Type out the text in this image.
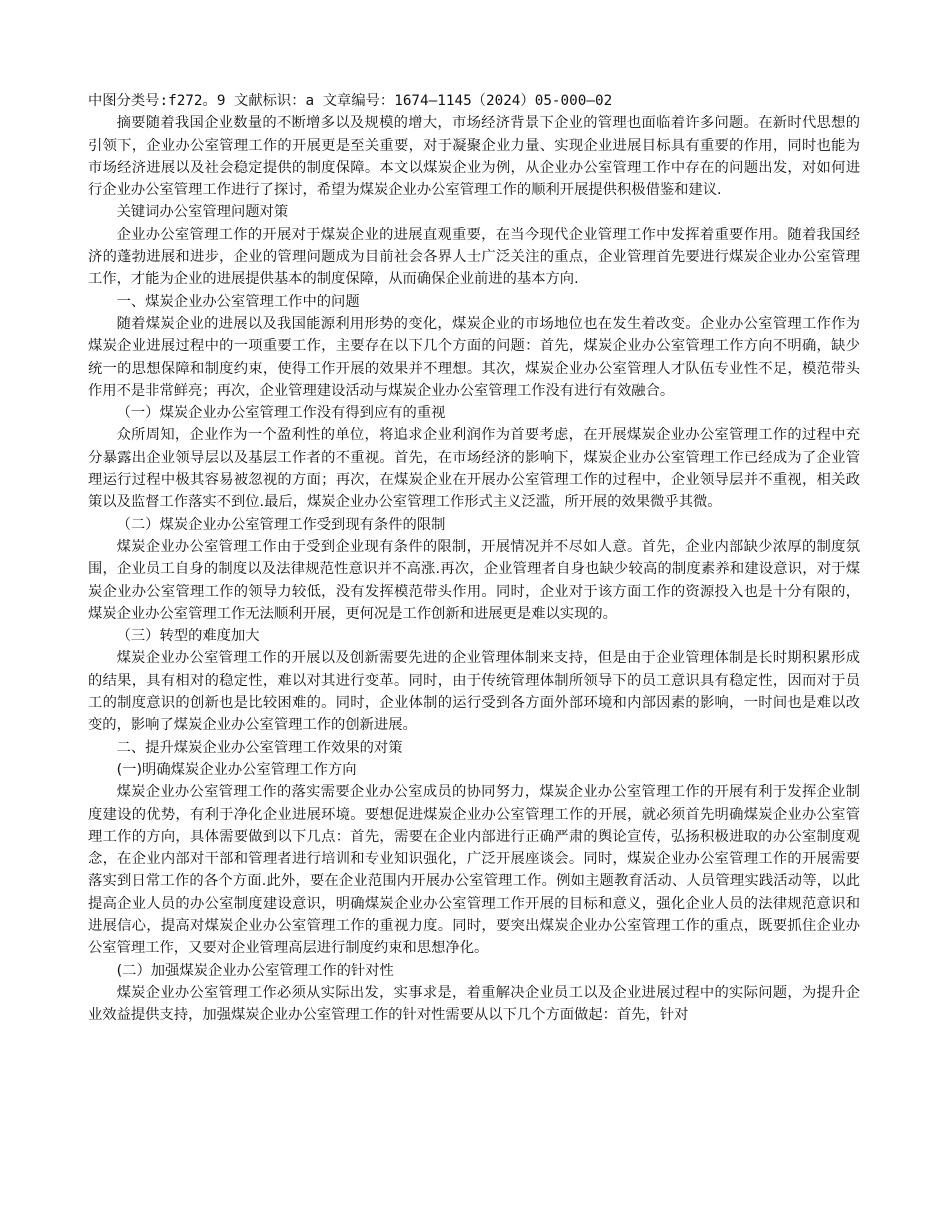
中图分类号:f272。9 文献标识：a 文章编号：1674—1145（2024）05-000—02

摘要随着我国企业数量的不断增多以及规模的增大，市场经济背景下企业的管理也面临着许多问题。在新时代思想的引领下，企业办公室管理工作的开展更是至关重要，对于凝聚企业力量、实现企业进展目标具有重要的作用，同时也能为市场经济进展以及社会稳定提供的制度保障。本文以煤炭企业为例，从企业办公室管理工作中存在的问题出发，对如何进行企业办公室管理工作进行了探讨，希望为煤炭企业办公室管理工作的顺利开展提供积极借鉴和建议.

关键词办公室管理问题对策

企业办公室管理工作的开展对于煤炭企业的进展直观重要，在当今现代企业管理工作中发挥着重要作用。随着我国经济的蓬勃进展和进步，企业的管理问题成为目前社会各界人士广泛关注的重点，企业管理首先要进行煤炭企业办公室管理工作，才能为企业的进展提供基本的制度保障，从而确保企业前进的基本方向.

一、煤炭企业办公室管理工作中的问题

随着煤炭企业的进展以及我国能源利用形势的变化，煤炭企业的市场地位也在发生着改变。企业办公室管理工作作为煤炭企业进展过程中的一项重要工作，主要存在以下几个方面的问题：首先，煤炭企业办公室管理工作方向不明确，缺少统一的思想保障和制度约束，使得工作开展的效果并不理想。其次，煤炭企业办公室管理人才队伍专业性不足，模范带头作用不是非常鲜亮；再次，企业管理建设活动与煤炭企业办公室管理工作没有进行有效融合。

（一）煤炭企业办公室管理工作没有得到应有的重视

众所周知，企业作为一个盈利性的单位，将追求企业利润作为首要考虑，在开展煤炭企业办公室管理工作的过程中充分暴露出企业领导层以及基层工作者的不重视。首先，在市场经济的影响下，煤炭企业办公室管理工作已经成为了企业管理运行过程中极其容易被忽视的方面；再次，在煤炭企业在开展办公室管理工作的过程中，企业领导层并不重视，相关政策以及监督工作落实不到位.最后，煤炭企业办公室管理工作形式主义泛滥，所开展的效果微乎其微。

（二）煤炭企业办公室管理工作受到现有条件的限制

煤炭企业办公室管理工作由于受到企业现有条件的限制，开展情况并不尽如人意。首先，企业内部缺少浓厚的制度氛围，企业员工自身的制度以及法律规范性意识并不高涨.再次，企业管理者自身也缺少较高的制度素养和建设意识，对于煤炭企业办公室管理工作的领导力较低，没有发挥模范带头作用。同时，企业对于该方面工作的资源投入也是十分有限的，煤炭企业办公室管理工作无法顺利开展，更何况是工作创新和进展更是难以实现的。

（三）转型的难度加大

煤炭企业办公室管理工作的开展以及创新需要先进的企业管理体制来支持，但是由于企业管理体制是长时期积累形成的结果，具有相对的稳定性，难以对其进行变革。同时，由于传统管理体制所领导下的员工意识具有稳定性，因而对于员工的制度意识的创新也是比较困难的。同时，企业体制的运行受到各方面外部环境和内部因素的影响，一时间也是难以改变的，影响了煤炭企业办公室管理工作的创新进展。

二、提升煤炭企业办公室管理工作效果的对策

(一)明确煤炭企业办公室管理工作方向

煤炭企业办公室管理工作的落实需要企业办公室成员的协同努力，煤炭企业办公室管理工作的开展有利于发挥企业制度建设的优势，有利于净化企业进展环境。要想促进煤炭企业办公室管理工作的开展，就必须首先明确煤炭企业办公室管理工作的方向，具体需要做到以下几点：首先，需要在企业内部进行正确严肃的舆论宣传，弘扬积极进取的办公室制度观念，在企业内部对干部和管理者进行培训和专业知识强化，广泛开展座谈会。同时，煤炭企业办公室管理工作的开展需要落实到日常工作的各个方面.此外，要在企业范围内开展办公室管理工作。例如主题教育活动、人员管理实践活动等，以此提高企业人员的办公室制度建设意识，明确煤炭企业办公室管理工作开展的目标和意义，强化企业人员的法律规范意识和进展信心，提高对煤炭企业办公室管理工作的重视力度。同时，要突出煤炭企业办公室管理工作的重点，既要抓住企业办公室管理工作，又要对企业管理高层进行制度约束和思想净化。

(二）加强煤炭企业办公室管理工作的针对性

煤炭企业办公室管理工作必须从实际出发，实事求是，着重解决企业员工以及企业进展过程中的实际问题，为提升企业效益提供支持，加强煤炭企业办公室管理工作的针对性需要从以下几个方面做起：首先，针对
